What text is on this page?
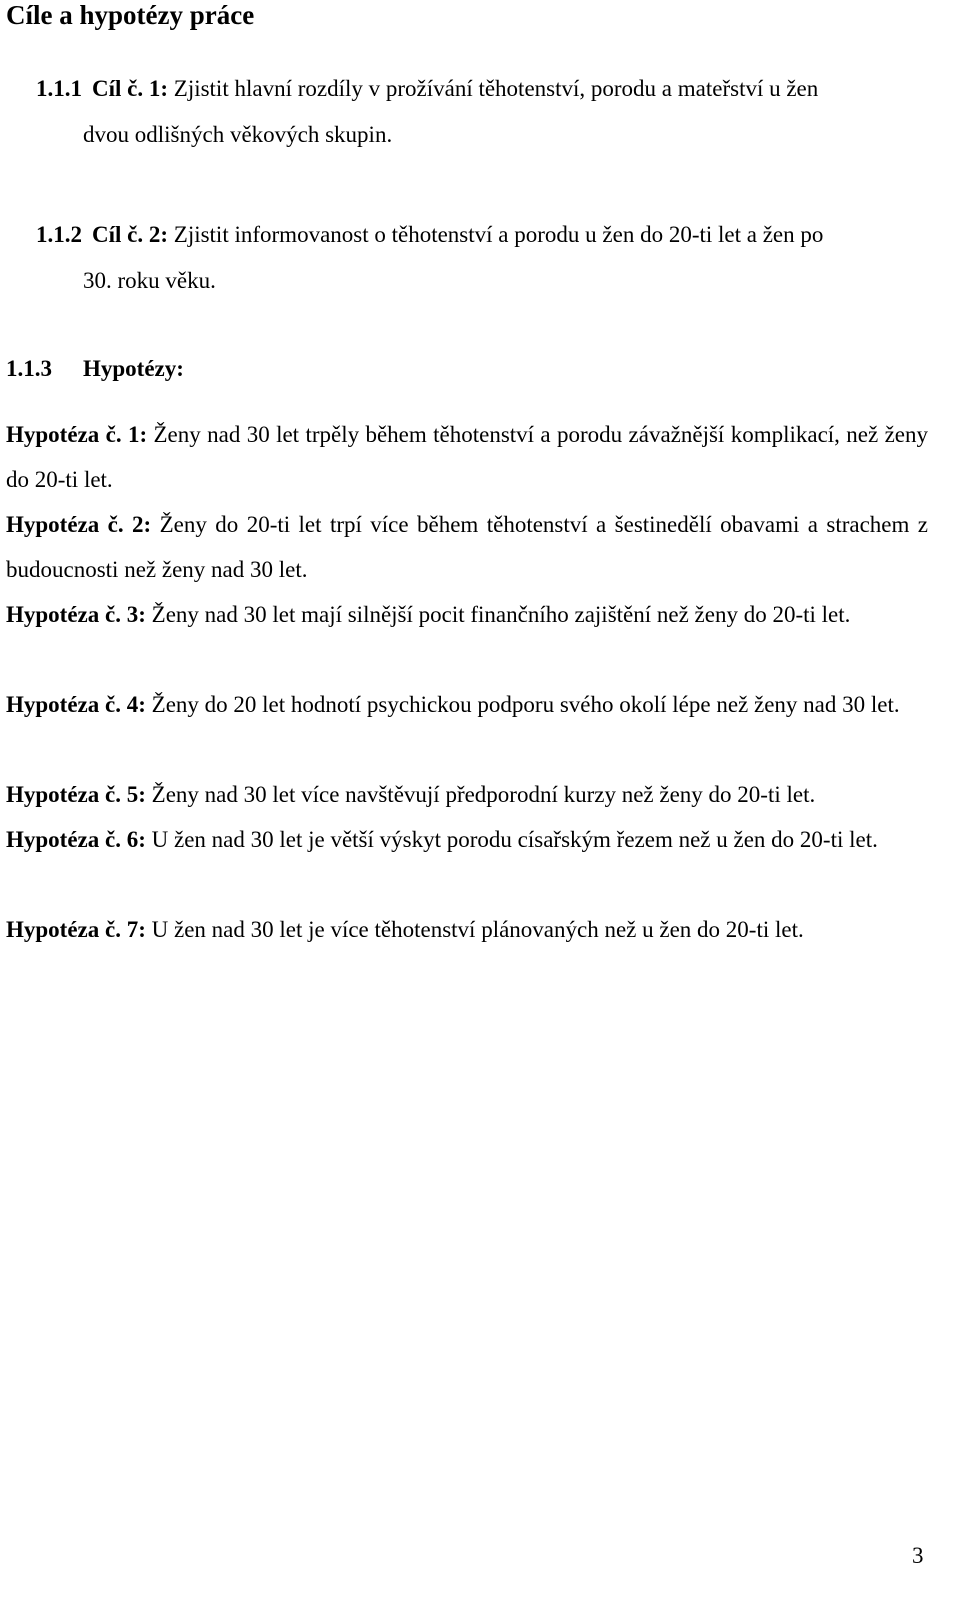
Cíle a hypotézy práce
1.1.1 Cíl č. 1: Zjistit hlavní rozdíly v prožívání těhotenství, porodu a mateřství u žen
dvou odlišných věkových skupin.
1.1.2 Cíl č. 2: Zjistit informovanost o těhotenství a porodu u žen do 20-ti let a žen po
30. roku věku.
1.1.3 Hypotézy:
Hypotéza č. 1: Ženy nad 30 let trpěly během těhotenství a porodu závažnější komplikací, než ženy do 20-ti let.
Hypotéza č. 2: Ženy do 20-ti let trpí více během těhotenství a šestinedělí obavami a strachem z budoucnosti než ženy nad 30 let.
Hypotéza č. 3: Ženy nad 30 let mají silnější pocit finančního zajištění než ženy do 20-ti let.
Hypotéza č. 4: Ženy do 20 let hodnotí psychickou podporu svého okolí lépe než ženy nad 30 let.
Hypotéza č. 5: Ženy nad 30 let více navštěvují předporodní kurzy než ženy do 20-ti let.
Hypotéza č. 6: U žen nad 30 let je větší výskyt porodu císařským řezem než u žen do 20-ti let.
Hypotéza č. 7: U žen nad 30 let je více těhotenství plánovaných než u žen do 20-ti let.
3
